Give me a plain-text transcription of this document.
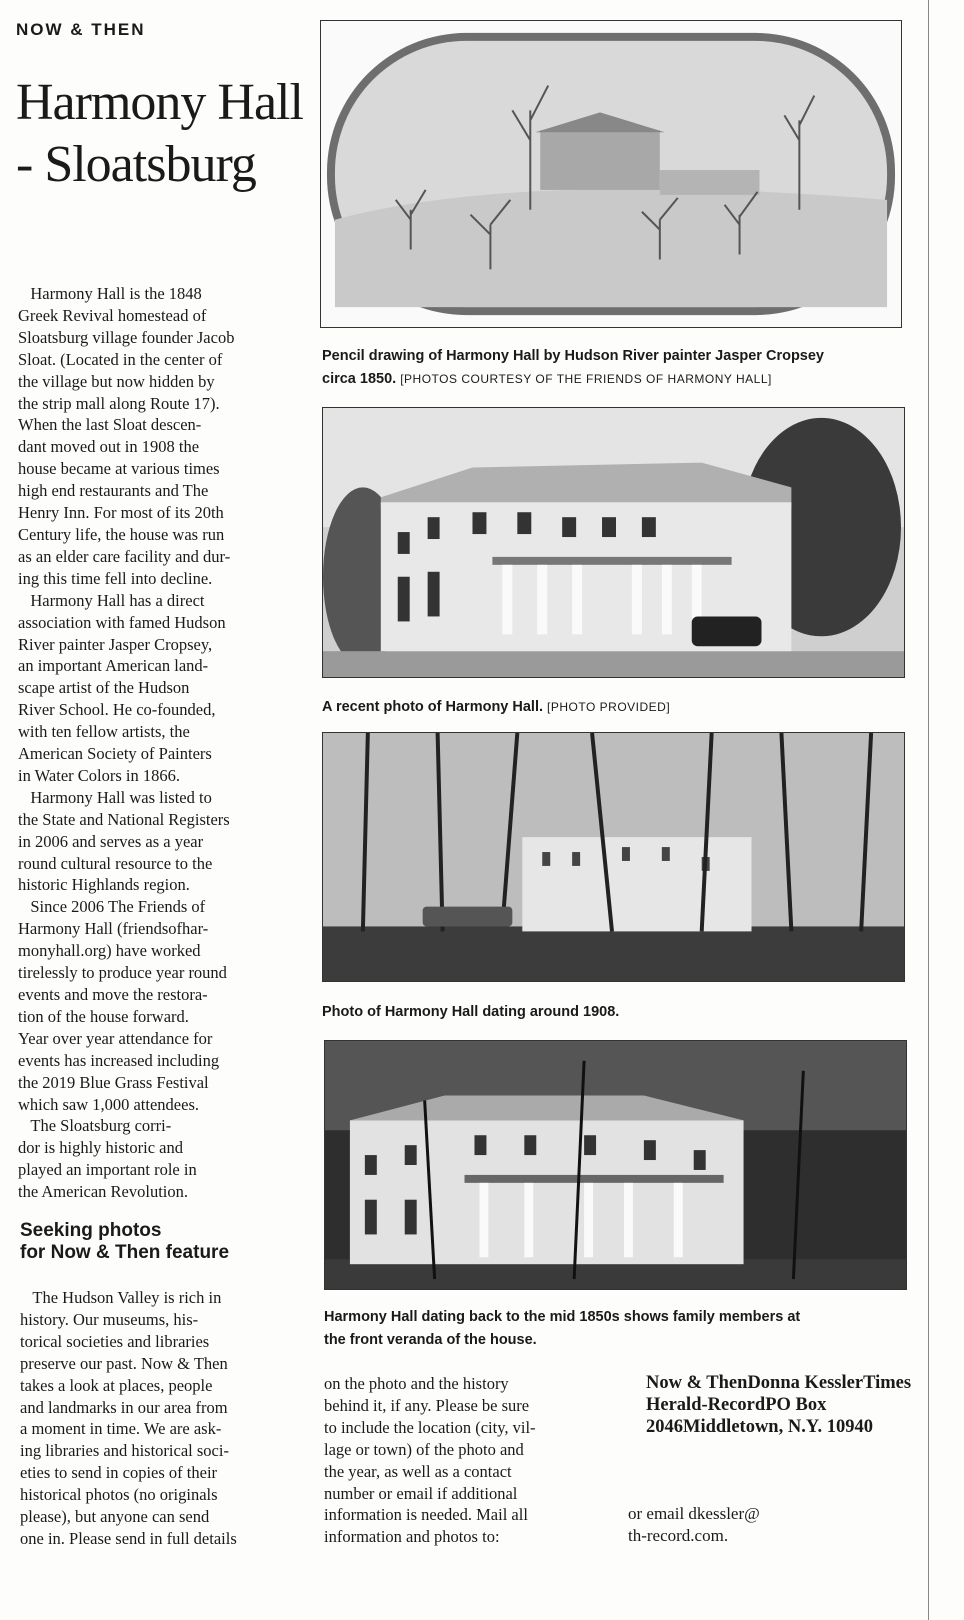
NOW & THEN
Harmony Hall - Sloatsburg
Harmony Hall is the 1848
Greek Revival homestead of
Sloatsburg village founder Jacob
Sloat. (Located in the center of
the village but now hidden by
the strip mall along Route 17).
When the last Sloat descen-
dant moved out in 1908 the
house became at various times
high end restaurants and The
Henry Inn. For most of its 20th
Century life, the house was run
as an elder care facility and dur-
ing this time fell into decline.
Harmony Hall has a direct
association with famed Hudson
River painter Jasper Cropsey,
an important American land-
scape artist of the Hudson
River School. He co-founded,
with ten fellow artists, the
American Society of Painters
in Water Colors in 1866.
Harmony Hall was listed to
the State and National Registers
in 2006 and serves as a year
round cultural resource to the
historic Highlands region.
Since 2006 The Friends of
Harmony Hall (friendsofhar-
monyhall.org) have worked
tirelessly to produce year round
events and move the restora-
tion of the house forward.
Year over year attendance for
events has increased including
the 2019 Blue Grass Festival
which saw 1,000 attendees.
The Sloatsburg corri-
dor is highly historic and
played an important role in
the American Revolution.
Seeking photos
for Now & Then feature
The Hudson Valley is rich in
history. Our museums, his-
torical societies and libraries
preserve our past. Now & Then
takes a look at places, people
and landmarks in our area from
a moment in time. We are ask-
ing libraries and historical soci-
eties to send in copies of their
historical photos (no originals
please), but anyone can send
one in. Please send in full details
on the photo and the history
behind it, if any. Please be sure
to include the location (city, vil-
lage or town) of the photo and
the year, as well as a contact
number or email if additional
information is needed. Mail all
information and photos to:
Now & ThenDonna KesslerTimes Herald-RecordPO Box 2046Middletown, N.Y. 10940
or email dkessler@
th-record.com.
Pencil drawing of Harmony Hall by Hudson River painter Jasper Cropsey
circa 1850. [PHOTOS COURTESY OF THE FRIENDS OF HARMONY HALL]
A recent photo of Harmony Hall. [PHOTO PROVIDED]
Photo of Harmony Hall dating around 1908.
Harmony Hall dating back to the mid 1850s shows family members at
the front veranda of the house.
